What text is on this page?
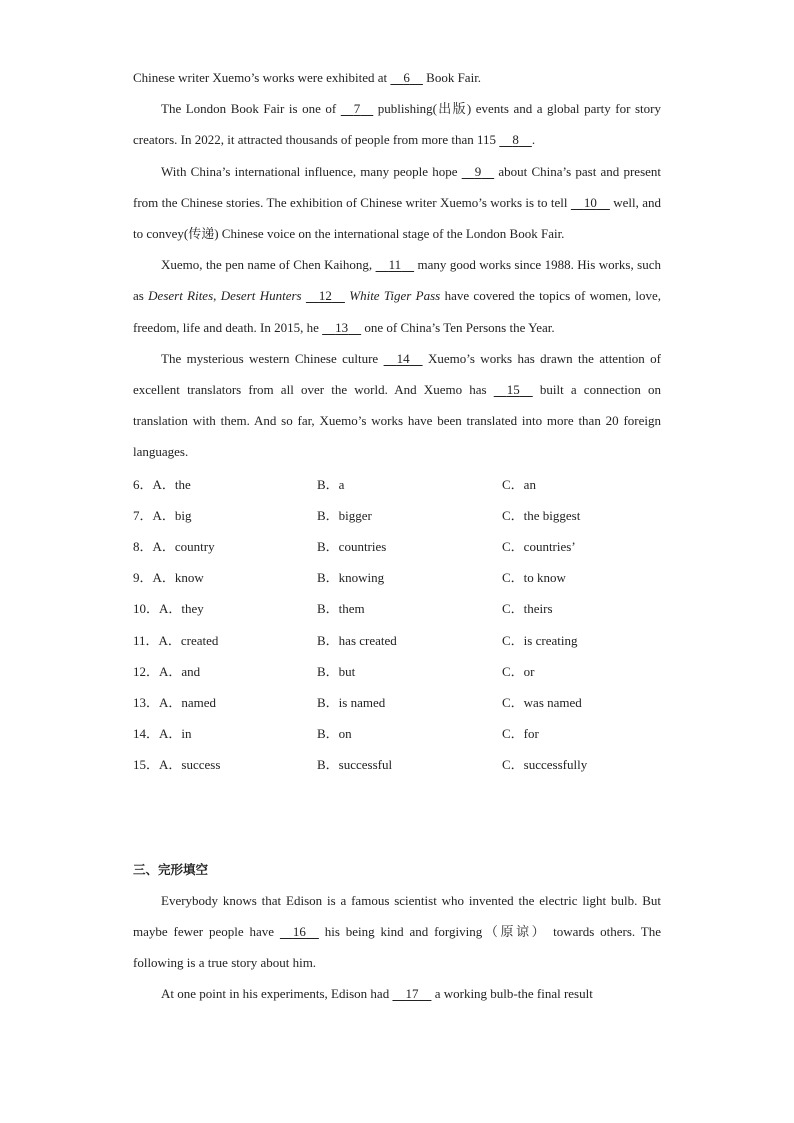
Chinese writer Xuemo’s works were exhibited at 6 Book Fair.

The London Book Fair is one of 7 publishing(出版) events and a global party for story creators. In 2022, it attracted thousands of people from more than 115 8 .

With China’s international influence, many people hope 9 about China’s past and present from the Chinese stories. The exhibition of Chinese writer Xuemo’s works is to tell 10 well, and to convey(传递) Chinese voice on the international stage of the London Book Fair.

Xuemo, the pen name of Chen Kaihong, 11 many good works since 1988. His works, such as Desert Rites, Desert Hunters 12 White Tiger Pass have covered the topics of women, love, freedom, life and death. In 2015, he 13 one of China’s Ten Persons the Year.

The mysterious western Chinese culture 14 Xuemo’s works has drawn the attention of excellent translators from all over the world. And Xuemo has 15 built a connection on translation with them. And so far, Xuemo’s works have been translated into more than 20 foreign languages.

6．A．the	B．a	C．an
7．A．big	B．bigger	C．the biggest
8．A．country	B．countries	C．countries’
9．A．know	B．knowing	C．to know
10．A．they	B．them	C．theirs
11．A．created	B．has created	C．is creating
12．A．and	B．but	C．or
13．A．named	B．is named	C．was named
14．A．in	B．on	C．for
15．A．success	B．successful	C．successfully
三、完形填空

Everybody knows that Edison is a famous scientist who invented the electric light bulb. But maybe fewer people have 16 his being kind and forgiving（原谅） towards others. The following is a true story about him.

At one point in his experiments, Edison had 17 a working bulb-the final result
